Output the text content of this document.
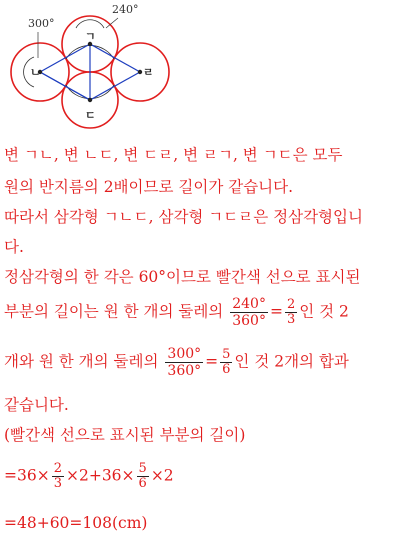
240°
300°
ㄱ
ㄴ
ㄷ
ㄹ
변 ㄱㄴ, 변 ㄴㄷ, 변 ㄷㄹ, 변 ㄹㄱ, 변 ㄱㄷ은 모두
원의 반지름의 2배이므로 길이가 같습니다.
따라서 삼각형 ㄱㄴㄷ, 삼각형 ㄱㄷㄹ은 정삼각형입니
다.
정삼각형의 한 각은 60°이므로 빨간색 선으로 표시된
부분의 길이는 원 한 개의 둘레의 $\frac{240^\circ}{360^\circ} = \frac{2}{3}$ 인 것 2
개와 원 한 개의 둘레의 $\frac{300^\circ}{360^\circ} = \frac{5}{6}$ 인 것 2개의 합과
같습니다.
(빨간색 선으로 표시된 부분의 길이)
$=36\times \frac{2}{3} \times 2+36\times \frac{5}{6} \times 2$
=48+60=108(cm)
